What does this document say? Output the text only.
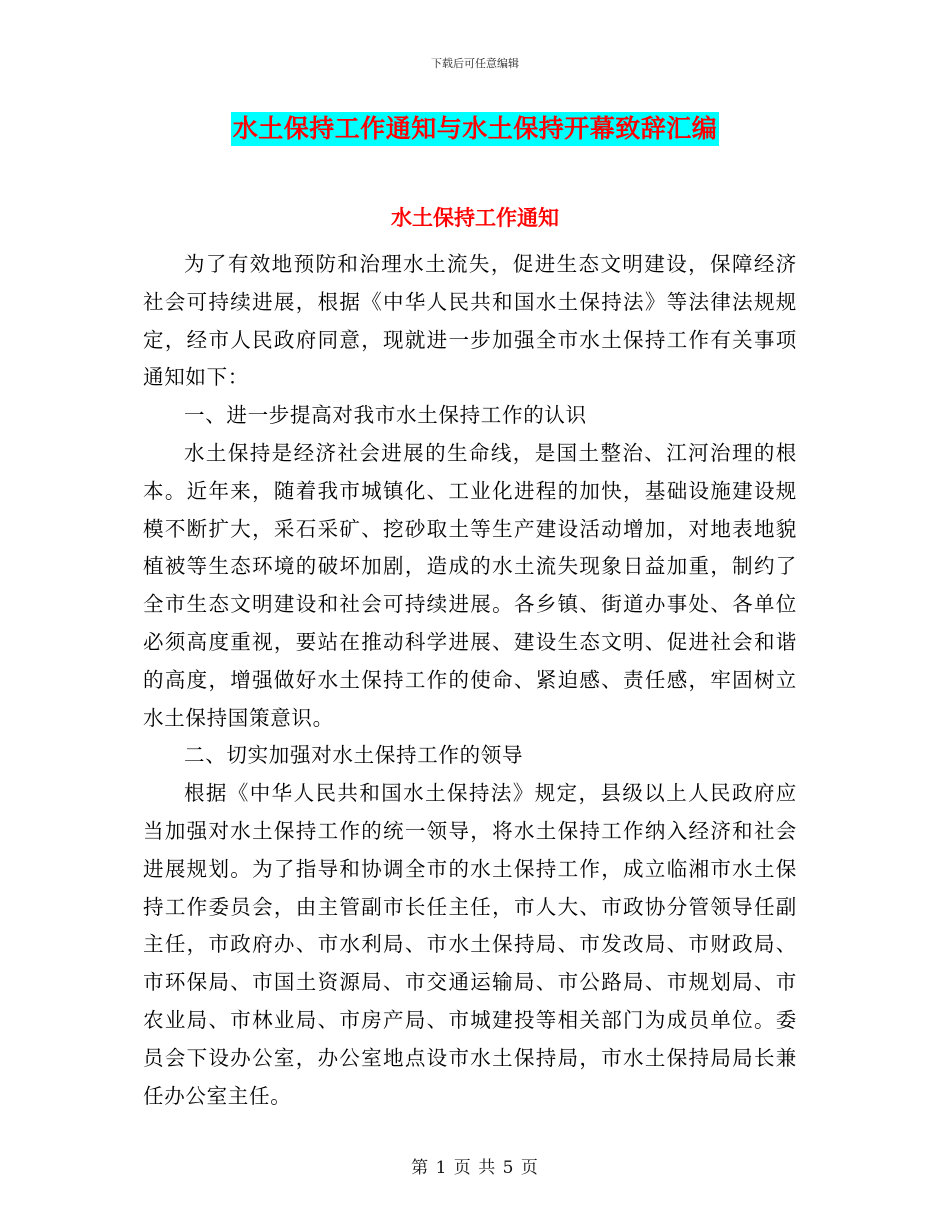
下载后可任意编辑
水土保持工作通知与水土保持开幕致辞汇编
水土保持工作通知

为了有效地预防和治理水土流失，促进生态文明建设，保障经济社会可持续进展，根据《中华人民共和国水土保持法》等法律法规规定，经市人民政府同意，现就进一步加强全市水土保持工作有关事项通知如下：

一、进一步提高对我市水土保持工作的认识

水土保持是经济社会进展的生命线，是国土整治、江河治理的根本。近年来，随着我市城镇化、工业化进程的加快，基础设施建设规模不断扩大，采石采矿、挖砂取土等生产建设活动增加，对地表地貌植被等生态环境的破坏加剧，造成的水土流失现象日益加重，制约了全市生态文明建设和社会可持续进展。各乡镇、街道办事处、各单位必须高度重视，要站在推动科学进展、建设生态文明、促进社会和谐的高度，增强做好水土保持工作的使命、紧迫感、责任感，牢固树立水土保持国策意识。

二、切实加强对水土保持工作的领导

根据《中华人民共和国水土保持法》规定，县级以上人民政府应当加强对水土保持工作的统一领导，将水土保持工作纳入经济和社会进展规划。为了指导和协调全市的水土保持工作，成立临湘市水土保持工作委员会，由主管副市长任主任，市人大、市政协分管领导任副主任，市政府办、市水利局、市水土保持局、市发改局、市财政局、市环保局、市国土资源局、市交通运输局、市公路局、市规划局、市农业局、市林业局、市房产局、市城建投等相关部门为成员单位。委员会下设办公室，办公室地点设市水土保持局，市水土保持局局长兼任办公室主任。

第 1 页 共 5 页
